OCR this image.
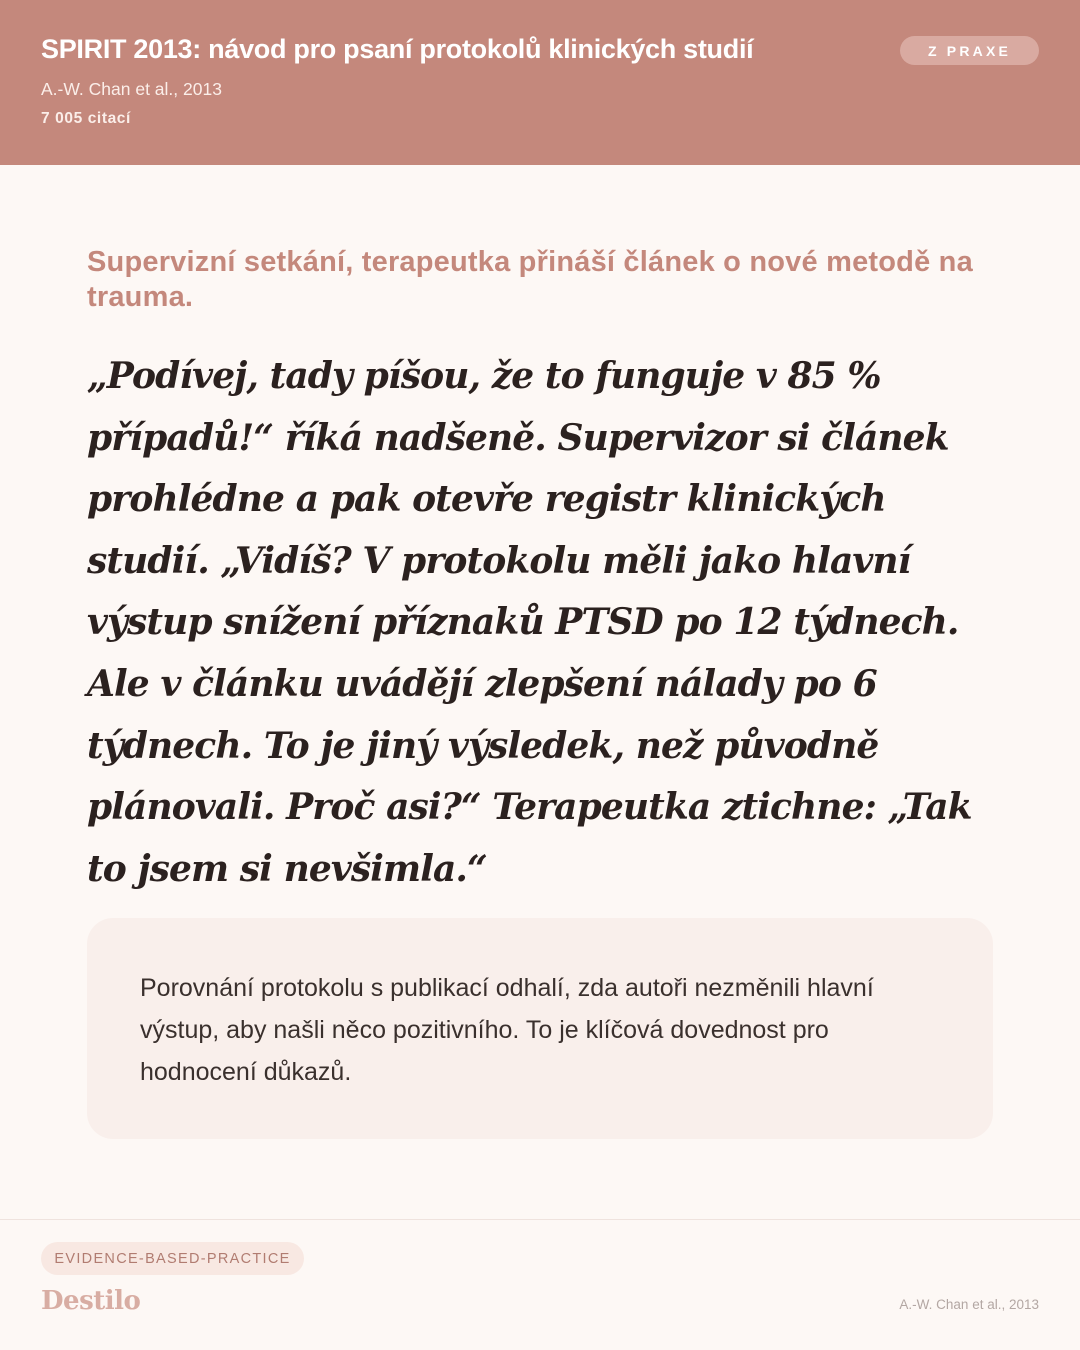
SPIRIT 2013: návod pro psaní protokolů klinických studií
A.-W. Chan et al., 2013
7 005 citací
Z PRAXE
Supervizní setkání, terapeutka přináší článek o nové metodě na trauma.
„Podívej, tady píšou, že to funguje v 85 % případů!“ říká nadšeně. Supervizor si článek prohlédne a pak otevře registr klinických studií. „Vidíš? V protokolu měli jako hlavní výstup snížení příznaků PTSD po 12 týdnech. Ale v článku uvádějí zlepšení nálady po 6 týdnech. To je jiný výsledek, než původně plánovali. Proč asi?“ Terapeutka ztichne: „Tak to jsem si nevšimla.“
Porovnání protokolu s publikací odhalí, zda autoři nezměnili hlavní výstup, aby našli něco pozitivního. To je klíčová dovednost pro hodnocení důkazů.
EVIDENCE-BASED-PRACTICE
Destilo	A.-W. Chan et al., 2013
